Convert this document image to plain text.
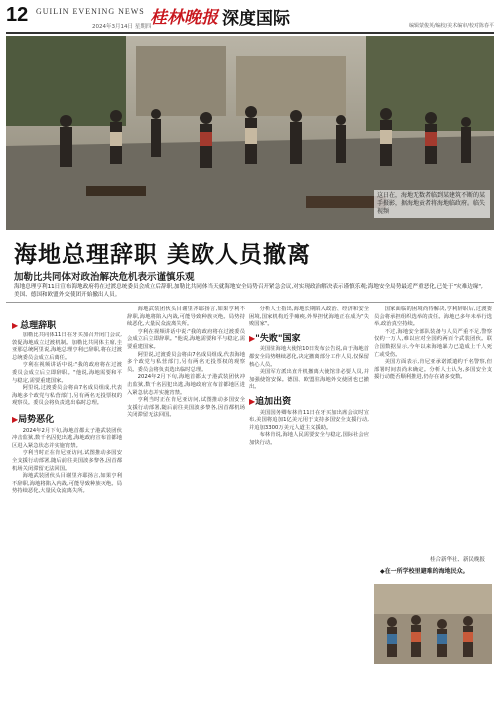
12 GUILIN EVENING NEWS
2024年3月14日 星期四
桂林晚报 深度国际	编辑蒙俊英/编校/美术编审/校对陈春平
这日在，海地无数者临到某建筑不断的某手摄影，据海地贡者将海地临政府。临失视频
海地总理辞职 美欧人员撤离
加勒比共同体对政治解决危机表示谨慎乐观
海地总理亨利11日宣布海地政府将在过渡总统委员会成立后辞职,加勒比共同体当天就海地安全局势召开紧急会议,对实现政治解决表示谨慎乐观;海地安全局势最近严重恶化,已处于"灾难边缘",美国、德国和欧盟外交使团开始撤出人员。
▶ 总理辞职

加勒比共同体11日在牙买加召开闭门会议,敦促海地成立过渡机制。加勒比共同体主席,圭亚那总统阿里说,海地总理亨利已辞职,将在过渡总统委员会成立后离任。

亨利在视频讲话中说:"我的政府将在过渡委员会成立后立即辞职。"他说,海地需要和平与稳定,需要重建国家。

阿里说,过渡委员会将由7名成员组成,代表海地多个政党与私营部门,另有两名无投票权的观察员。委员会将负责选出临时总理。

▶局势恶化

2024年2月下旬,海地首都太子港武装团伙冲击监狱,数千名囚犯出逃,海地政府宣布首都地区进入紧急状态并实施宵禁。

亨利当时正在肯尼亚访问,试图推动多国安全支援行动部署,随后前往美国波多黎各,因首都机场关闭滞留无法回国。

海地武装团伙头目谢里齐耶扬言,如果亨利不辞职,海地将陷入内战,可能导致种族灭绝。局势持续恶化,大量民众流离失所。

海地武装团伙头目谢里齐耶扬言,如果亨利不辞职,海地将陷入内战,可能导致种族灭绝。局势持续恶化,大量民众流离失所。

亨利在视频讲话中说:"我的政府将在过渡委员会成立后立即辞职。"他说,海地需要和平与稳定,需要重建国家。

阿里说,过渡委员会将由7名成员组成,代表海地多个政党与私营部门,另有两名无投票权的观察员。委员会将负责选出临时总理。

2024年2月下旬,海地首都太子港武装团伙冲击监狱,数千名囚犯出逃,海地政府宣布首都地区进入紧急状态并实施宵禁。

亨利当时正在肯尼亚访问,试图推动多国安全支援行动部署,随后前往美国波多黎各,因首都机场关闭滞留无法回国。

分析人士指出,海地长期陷入政治、经济和安全困境,国家机构近乎瘫痪,外界担忧海地正在成为"失败国家"。

▶"失败"国家

美国驻海地大使馆10日发布公告说,由于海地首都安全局势继续恶化,决定撤离部分工作人员,仅保留核心人员。

美国军方派出直升机撤离大使馆非必要人员,并加强使馆安保。德国、欧盟驻海地外交使团也已撤出。

▶追加出资

美国国务卿布林肯11日在牙买加出席会议时宣布,美国将追加1亿美元用于支持多国安全支援行动,并追加3300万美元人道主义援助。

布林肯说,海地人民需要安全与稳定,国际社会应加快行动。

国家面临的困境尚待解决,亨利辞职后,过渡委员会将承担组织选举的责任。海地已多年未举行选举,政治真空持续。

不过,海地安全部队装备与人员严重不足,警察仅约一万人,难以应对全国约两百个武装团伙。联合国数据显示,今年以来海地暴力已造成上千人死亡或受伤。

美国方面表示,肯尼亚承诺派遣约千名警察,但部署时间表尚未确定。分析人士认为,多国安全支援行动能否顺利推进,仍存在诸多变数。

桂合新华社、新民晚报
◆在一所学校里避难的海地民众。
